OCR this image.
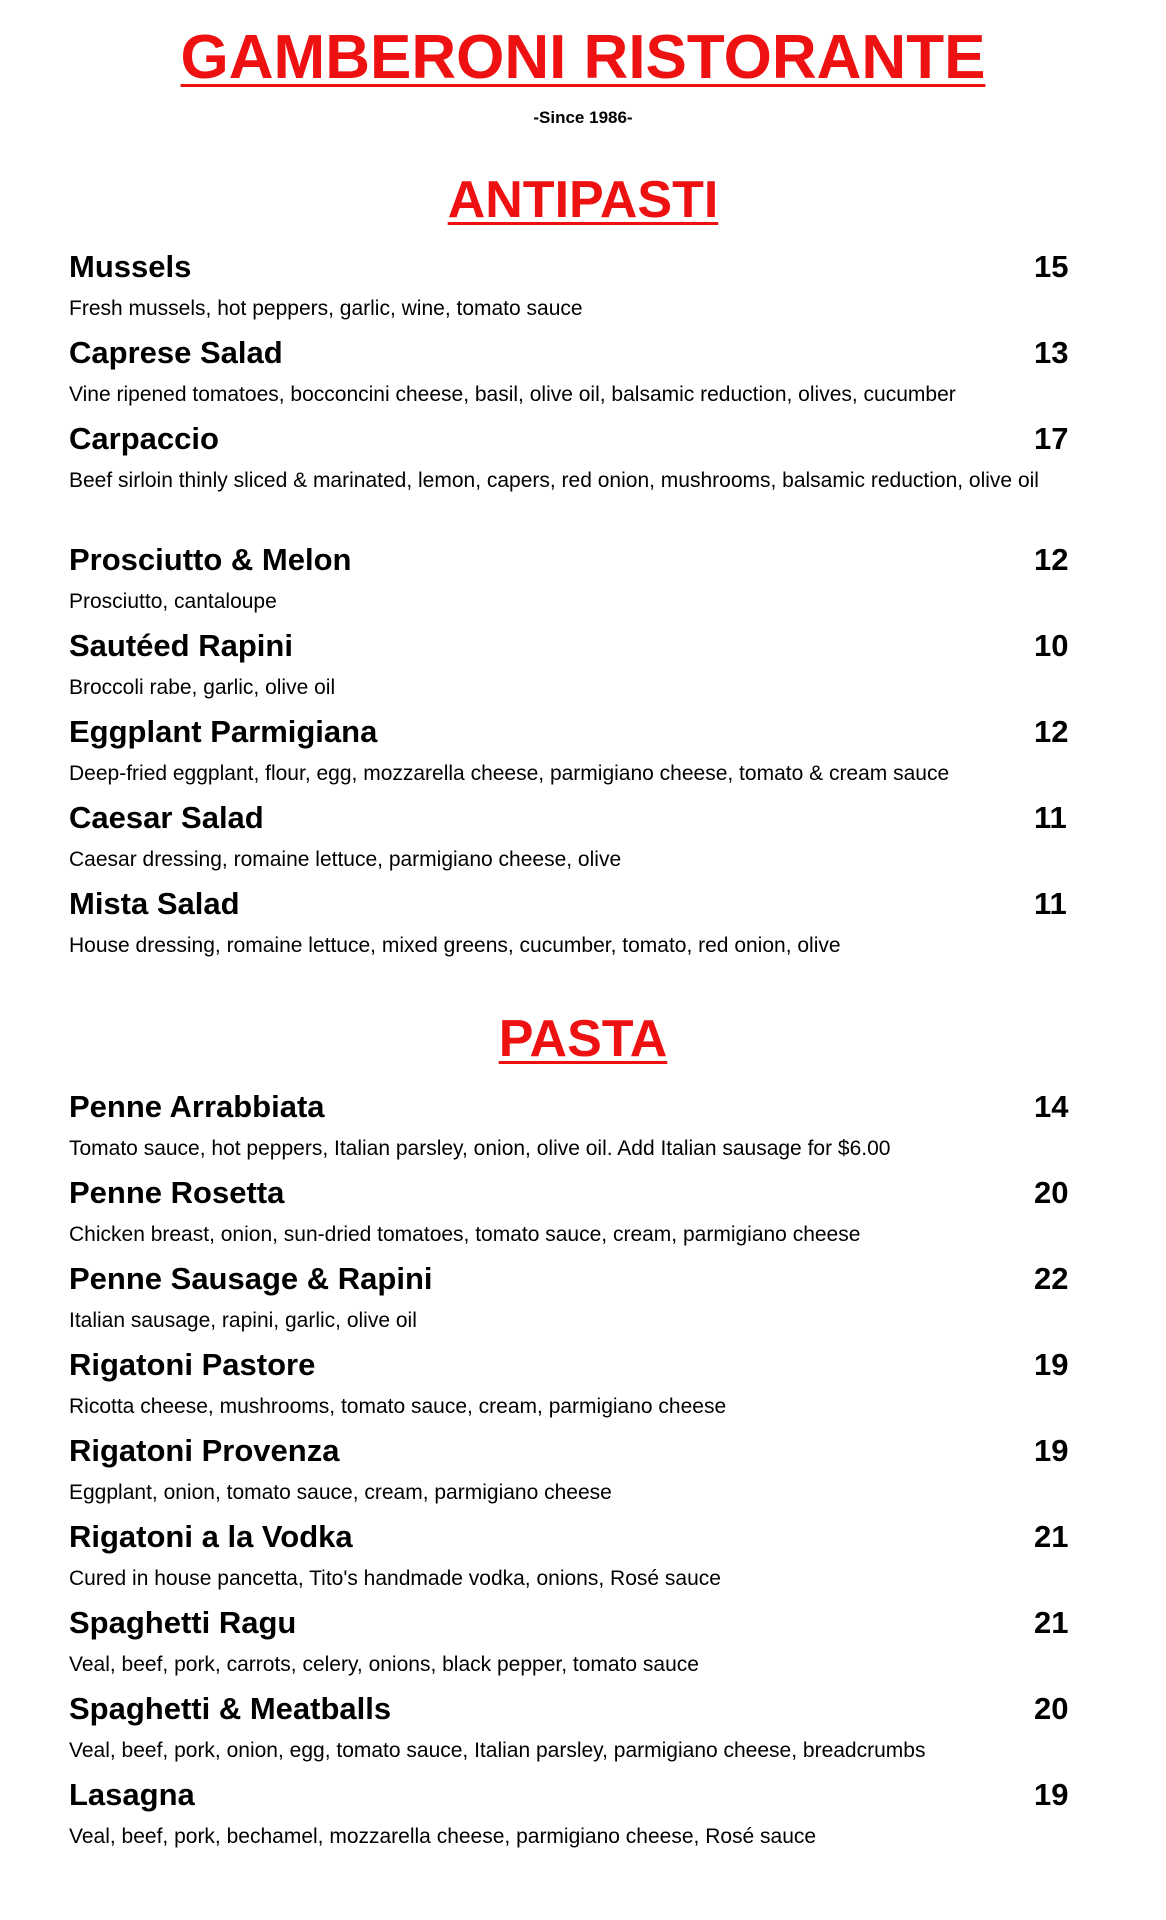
GAMBERONI RISTORANTE
-Since 1986-
ANTIPASTI
Mussels	15
Fresh mussels, hot peppers, garlic, wine, tomato sauce
Caprese Salad	13
Vine ripened tomatoes, bocconcini cheese, basil, olive oil, balsamic reduction, olives, cucumber
Carpaccio	17
Beef sirloin thinly sliced & marinated, lemon, capers, red onion, mushrooms, balsamic reduction, olive oil
Prosciutto & Melon	12
Prosciutto, cantaloupe
Sautéed Rapini	10
Broccoli rabe, garlic, olive oil
Eggplant Parmigiana	12
Deep-fried eggplant, flour, egg, mozzarella cheese, parmigiano cheese, tomato & cream sauce
Caesar Salad	11
Caesar dressing, romaine lettuce, parmigiano cheese, olive
Mista Salad	11
House dressing, romaine lettuce, mixed greens, cucumber, tomato, red onion, olive
PASTA
Penne Arrabbiata	14
Tomato sauce, hot peppers, Italian parsley, onion, olive oil. Add Italian sausage for $6.00
Penne Rosetta	20
Chicken breast, onion, sun-dried tomatoes, tomato sauce, cream, parmigiano cheese
Penne Sausage & Rapini	22
Italian sausage, rapini, garlic, olive oil
Rigatoni Pastore	19
Ricotta cheese, mushrooms, tomato sauce, cream, parmigiano cheese
Rigatoni Provenza	19
Eggplant, onion, tomato sauce, cream, parmigiano cheese
Rigatoni a la Vodka	21
Cured in house pancetta, Tito's handmade vodka, onions, Rosé sauce
Spaghetti Ragu	21
Veal, beef, pork, carrots, celery, onions, black pepper, tomato sauce
Spaghetti & Meatballs	20
Veal, beef, pork, onion, egg, tomato sauce, Italian parsley, parmigiano cheese, breadcrumbs
Lasagna	19
Veal, beef, pork, bechamel, mozzarella cheese, parmigiano cheese, Rosé sauce
